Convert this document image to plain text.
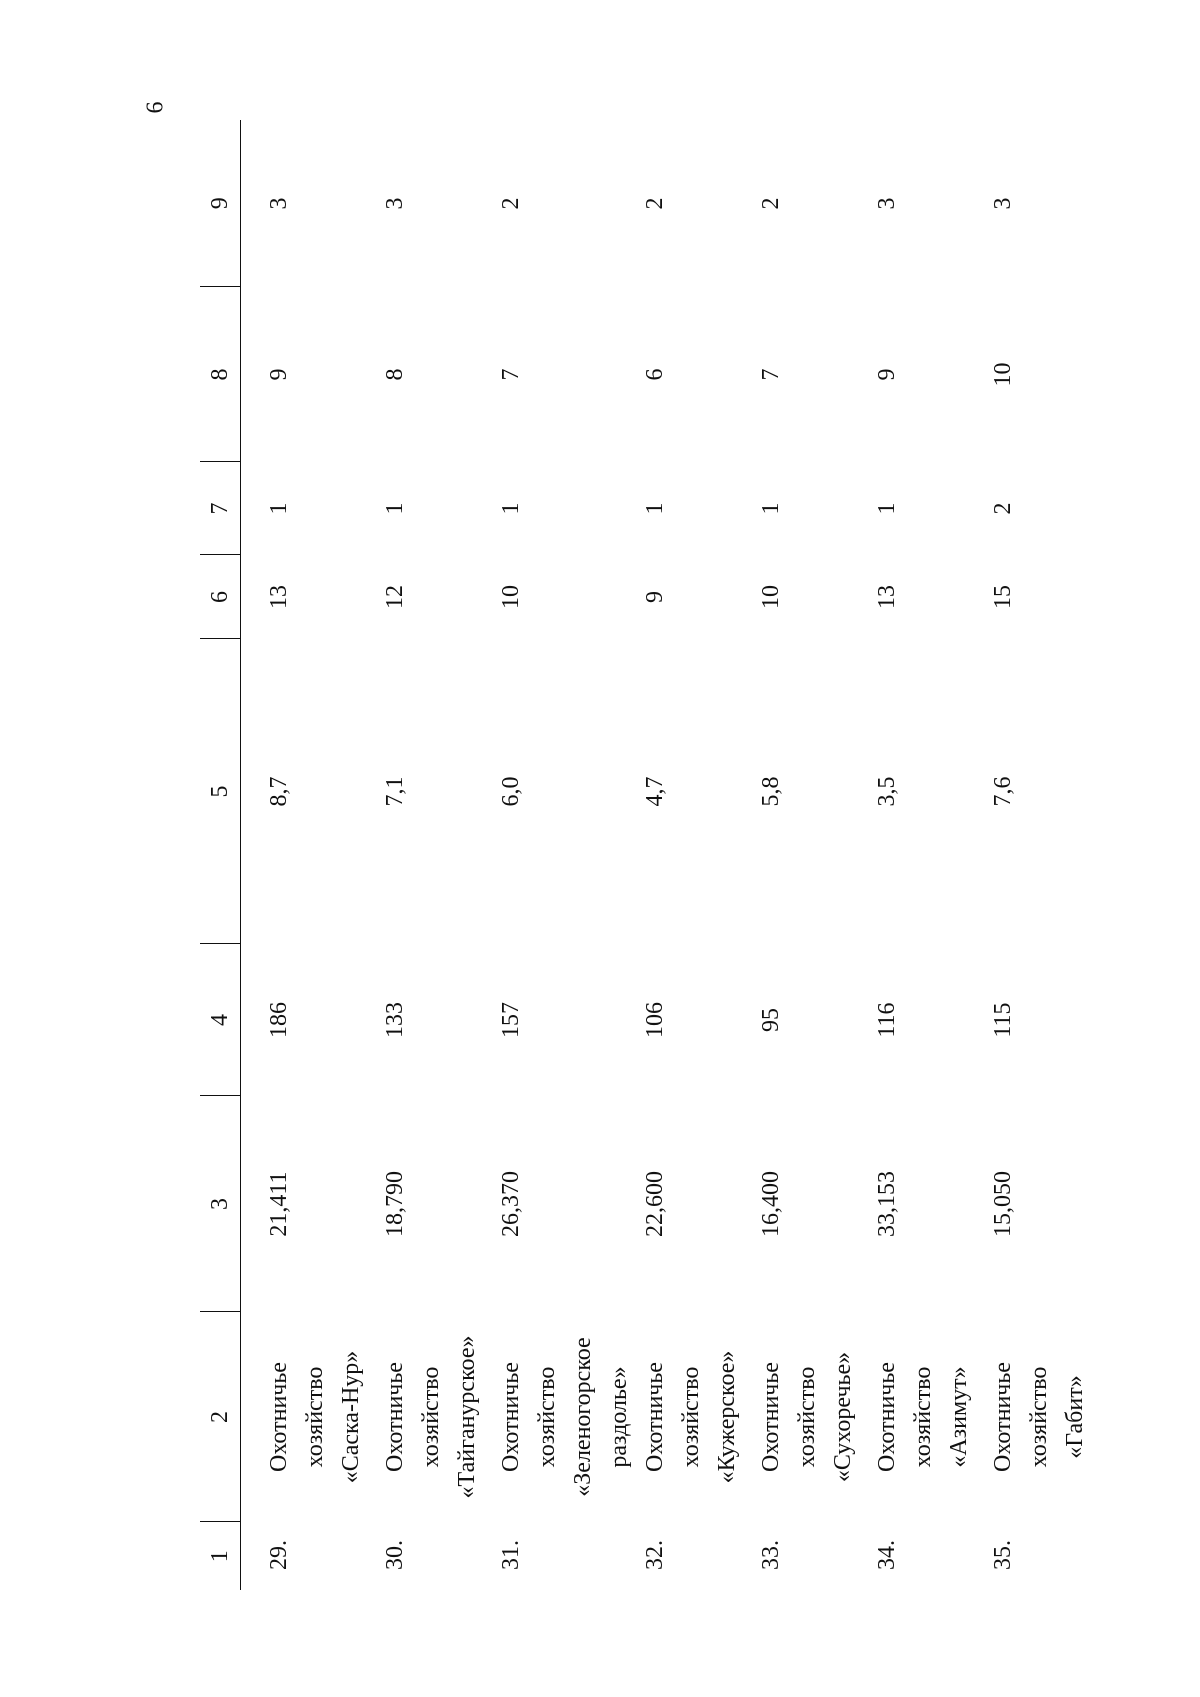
6
1	2	3	4	5	6	7	8	9
29.	Охотничье хозяйство «Саска-Нур»	21,411	186	8,7	13	1	9	3
30.	Охотничье хозяйство «Тайганурское»	18,790	133	7,1	12	1	8	3
31.	Охотничье хозяйство «Зеленогорское раздолье»	26,370	157	6,0	10	1	7	2
32.	Охотничье хозяйство «Кужерское»	22,600	106	4,7	9	1	6	2
33.	Охотничье хозяйство «Сухоречье»	16,400	95	5,8	10	1	7	2
34.	Охотничье хозяйство «Азимут»	33,153	116	3,5	13	1	9	3
35.	Охотничье хозяйство «Габит»	15,050	115	7,6	15	2	10	3
